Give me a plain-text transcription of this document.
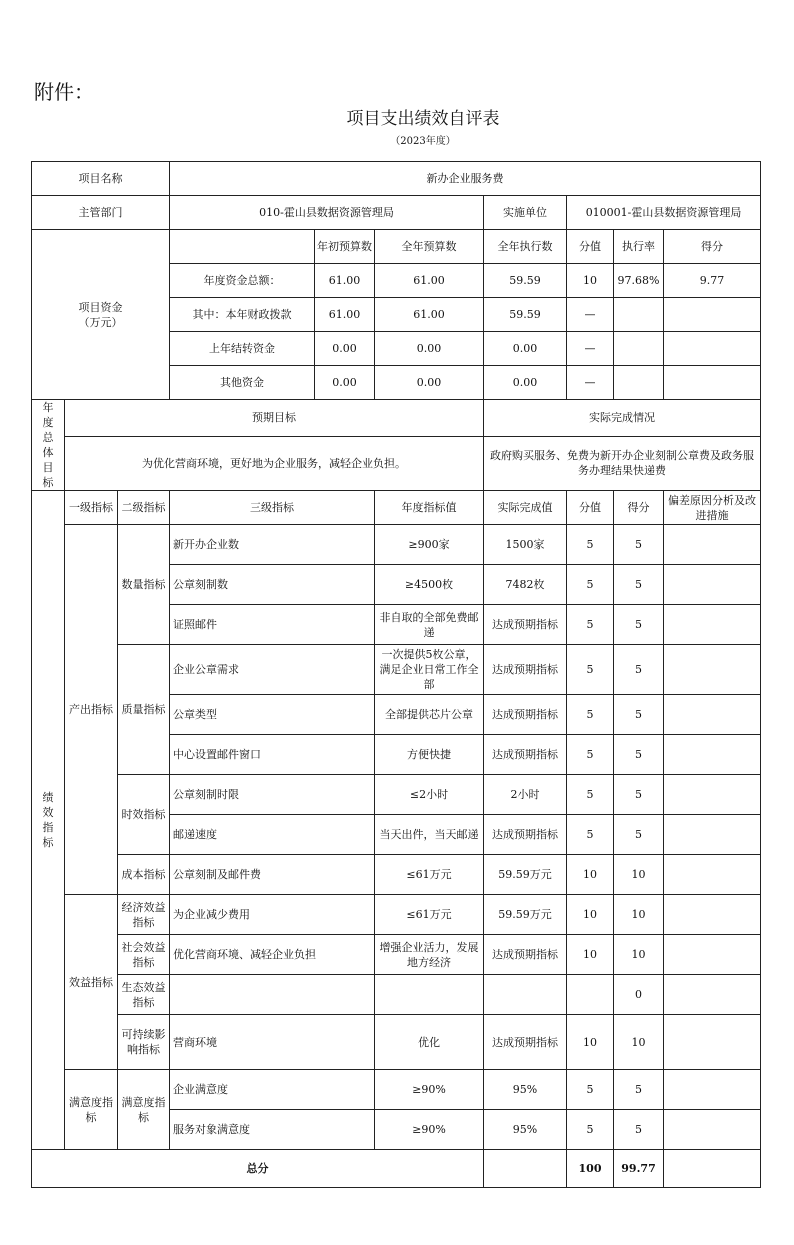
附件：
项目支出绩效自评表
（2023年度）
项目名称			新办企业服务费						
主管部门			010-霍山县数据资源管理局			实施单位	010001-霍山县数据资源管理局		
项目资金
（万元）				年初预算数	全年预算数	全年执行数	分值	执行率	得分
			年度资金总额：	61.00	61.00	59.59	10	97.68%	9.77
			其中：本年财政拨款	61.00	61.00	59.59	—		
			上年结转资金	0.00	0.00	0.00	—		
			其他资金	0.00	0.00	0.00	—		

年度总体目标	预期目标					实际完成情况			
	为优化营商环境，更好地为企业服务，减轻企业负担。					政府购买服务、免费为新开办企业刻制公章费及政务服务办理结果快递费			

绩效指标	一级指标	二级指标	三级指标		年度指标值	实际完成值	分值	得分	偏差原因分析及改进措施
	产出指标	数量指标	新开办企业数		≥900家	1500家	5	5	
			公章刻制数		≥4500枚	7482枚	5	5	
			证照邮件		非自取的全部免费邮递	达成预期指标	5	5	
		质量指标	企业公章需求		一次提供5枚公章，满足企业日常工作全部	达成预期指标	5	5	
			公章类型		全部提供芯片公章	达成预期指标	5	5	
			中心设置邮件窗口		方便快捷	达成预期指标	5	5	
		时效指标	公章刻制时限		≤2小时	2小时	5	5	
			邮递速度		当天出件，当天邮递	达成预期指标	5	5	
		成本指标	公章刻制及邮件费		≤61万元	59.59万元	10	10	
	效益指标	经济效益指标	为企业减少费用		≤61万元	59.59万元	10	10	
		社会效益指标	优化营商环境、减轻企业负担		增强企业活力，发展地方经济	达成预期指标	10	10	
		生态效益指标						0	
		可持续影响指标	营商环境		优化	达成预期指标	10	10	
	满意度指标	满意度指标	企业满意度		≥90%	95%	5	5	
			服务对象满意度		≥90%	95%	5	5	
总分							100	99.77	
